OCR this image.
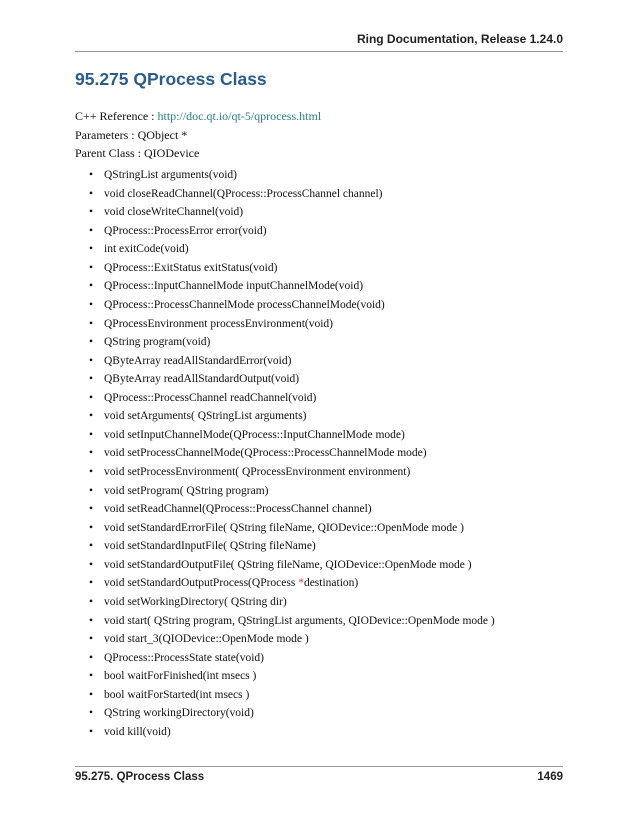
Ring Documentation, Release 1.24.0
95.275 QProcess Class

C++ Reference : http://doc.qt.io/qt-5/qprocess.html

Parameters : QObject *

Parent Class : QIODevice

• QStringList arguments(void)
• void closeReadChannel(QProcess::ProcessChannel channel)
• void closeWriteChannel(void)
• QProcess::ProcessError error(void)
• int exitCode(void)
• QProcess::ExitStatus exitStatus(void)
• QProcess::InputChannelMode inputChannelMode(void)
• QProcess::ProcessChannelMode processChannelMode(void)
• QProcessEnvironment processEnvironment(void)
• QString program(void)
• QByteArray readAllStandardError(void)
• QByteArray readAllStandardOutput(void)
• QProcess::ProcessChannel readChannel(void)
• void setArguments( QStringList arguments)
• void setInputChannelMode(QProcess::InputChannelMode mode)
• void setProcessChannelMode(QProcess::ProcessChannelMode mode)
• void setProcessEnvironment( QProcessEnvironment environment)
• void setProgram( QString program)
• void setReadChannel(QProcess::ProcessChannel channel)
• void setStandardErrorFile( QString fileName, QIODevice::OpenMode mode )
• void setStandardInputFile( QString fileName)
• void setStandardOutputFile( QString fileName, QIODevice::OpenMode mode )
• void setStandardOutputProcess(QProcess *destination)
• void setWorkingDirectory( QString dir)
• void start( QString program, QStringList arguments, QIODevice::OpenMode mode )
• void start_3(QIODevice::OpenMode mode )
• QProcess::ProcessState state(void)
• bool waitForFinished(int msecs )
• bool waitForStarted(int msecs )
• QString workingDirectory(void)
• void kill(void)
95.275. QProcess Class	1469
